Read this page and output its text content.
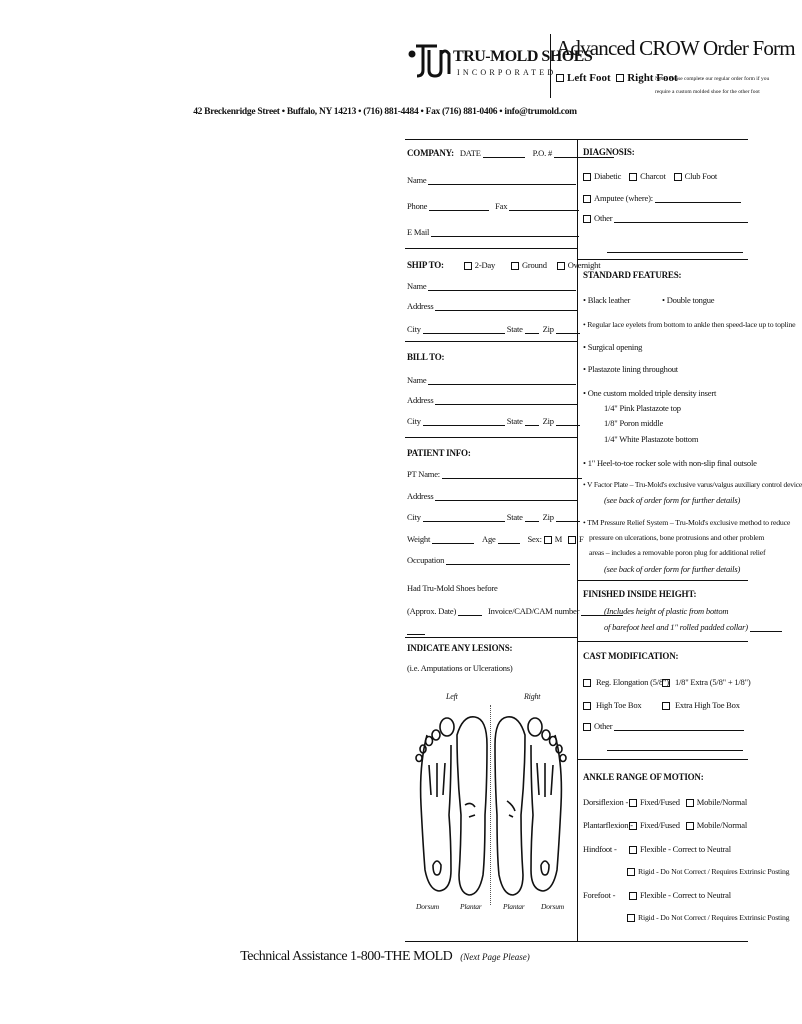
TRU-MOLD SHOES
INCORPORATED
Advanced CROW Order Form
Left Foot Right Foot
Note: Please complete our regular order form if you
require a custom molded shoe for the other foot
42 Breckenridge Street • Buffalo, NY 14213 • (716) 881-4484 • Fax (716) 881-0406 • info@trumold.com
COMPANY: DATE	P.O. #
Name
Phone	Fax
E Mail
SHIP TO:	2-Day	Ground Overnight
Name
Address
City	State Zip
BILL TO:
Name
Address
City	State Zip
PATIENT INFO:
PT Name:
Address
City	State Zip
Weight	Age	Sex: M F
Occupation
Had Tru-Mold Shoes before
(Approx. Date)	Invoice/CAD/CAM number
INDICATE ANY LESIONS:
(i.e. Amputations or Ulcerations)
Left	Right
Dorsum	Plantar	Plantar Dorsum
DIAGNOSIS:
Diabetic Charcot Club Foot
Amputee (where):
Other
STANDARD FEATURES:
• Black leather
•	Double tongue
• Regular lace eyelets from bottom to ankle then speed-lace up to topline
• Surgical opening
• Plastazote lining throughout
• One custom molded triple density insert
1/4" Pink Plastazote top
1/8" Poron middle
1/4" White Plastazote bottom
• 1" Heel-to-toe rocker sole with non-slip final outsole
• V Factor Plate – Tru-Mold's exclusive varus/valgus auxiliary control device
(see back of order form for further details)
• TM Pressure Relief System – Tru-Mold's exclusive method to reduce
pressure on ulcerations, bone protrusions and other problem
areas – includes a removable poron plug for additional relief
(see back of order form for further details)
FINISHED INSIDE HEIGHT:
(Includes height of plastic from bottom
of barefoot heel and 1" rolled padded collar)
CAST MODIFICATION:
Reg. Elongation (5/8") 1/8" Extra (5/8" + 1/8")
High Toe Box	Extra High Toe Box
Other
ANKLE RANGE OF MOTION:
Dorsiflexion - Fixed/Fused Mobile/Normal
Plantarflexion - Fixed/Fused Mobile/Normal
Hindfoot -	Flexible - Correct to Neutral
Rigid - Do Not Correct / Requires Extrinsic Posting
Forefoot -	Flexible - Correct to Neutral
Rigid - Do Not Correct / Requires Extrinsic Posting
Technical Assistance 1-800-THE MOLD (Next Page Please)
